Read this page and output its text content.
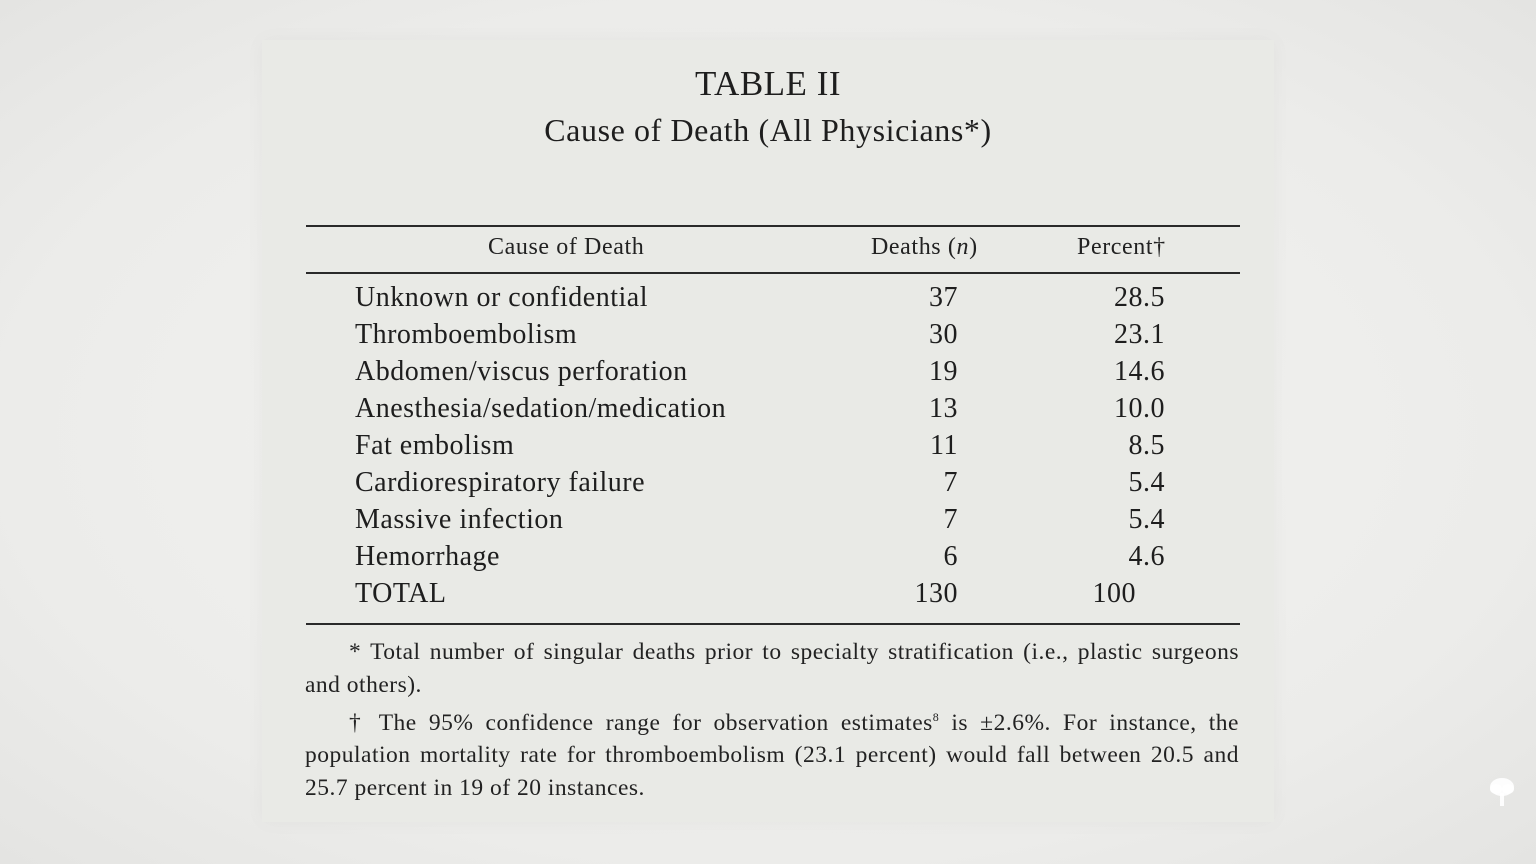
TABLE II
Cause of Death (All Physicians*)
Cause of Death	Deaths (n)	Percent†
Unknown or confidential	37	28.5
Thromboembolism	30	23.1
Abdomen/viscus perforation	19	14.6
Anesthesia/sedation/medication	13	10.0
Fat embolism	11	8.5
Cardiorespiratory failure	7	5.4
Massive infection	7	5.4
Hemorrhage	6	4.6
TOTAL	130	100

* Total number of singular deaths prior to specialty stratification (i.e., plastic surgeons and others).

† The 95% confidence range for observation estimates$^8$ is ±2.6%. For instance, the population mortality rate for thromboembolism (23.1 percent) would fall between 20.5 and 25.7 percent in 19 of 20 instances.
